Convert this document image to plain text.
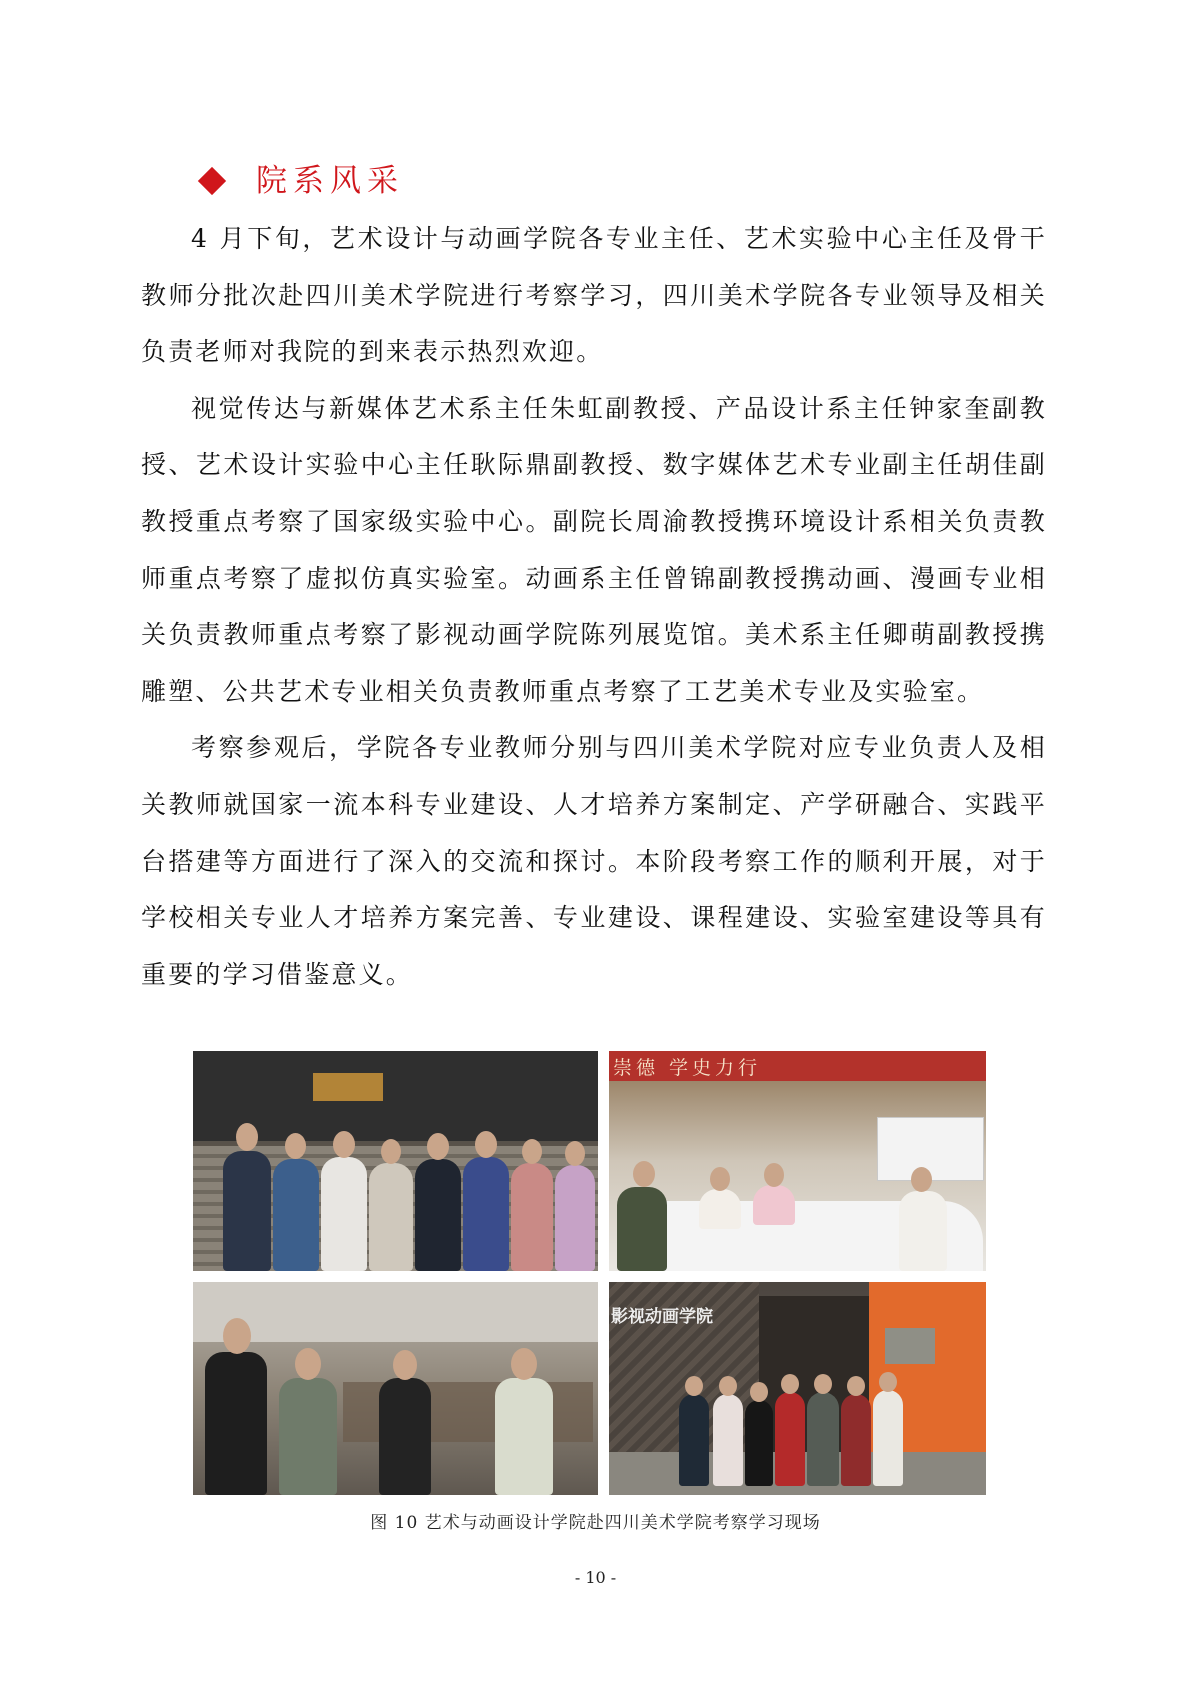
院系风采

4 月下旬，艺术设计与动画学院各专业主任、艺术实验中心主任及骨干教师分批次赴四川美术学院进行考察学习，四川美术学院各专业领导及相关负责老师对我院的到来表示热烈欢迎。

视觉传达与新媒体艺术系主任朱虹副教授、产品设计系主任钟家奎副教授、艺术设计实验中心主任耿际鼎副教授、数字媒体艺术专业副主任胡佳副教授重点考察了国家级实验中心。副院长周渝教授携环境设计系相关负责教师重点考察了虚拟仿真实验室。动画系主任曾锦副教授携动画、漫画专业相关负责教师重点考察了影视动画学院陈列展览馆。美术系主任卿萌副教授携雕塑、公共艺术专业相关负责教师重点考察了工艺美术专业及实验室。

考察参观后，学院各专业教师分别与四川美术学院对应专业负责人及相关教师就国家一流本科专业建设、人才培养方案制定、产学研融合、实践平台搭建等方面进行了深入的交流和探讨。本阶段考察工作的顺利开展，对于学校相关专业人才培养方案完善、专业建设、课程建设、实验室建设等具有重要的学习借鉴意义。

崇德 学史力行
影视动画学院
图 10 艺术与动画设计学院赴四川美术学院考察学习现场
- 10 -
